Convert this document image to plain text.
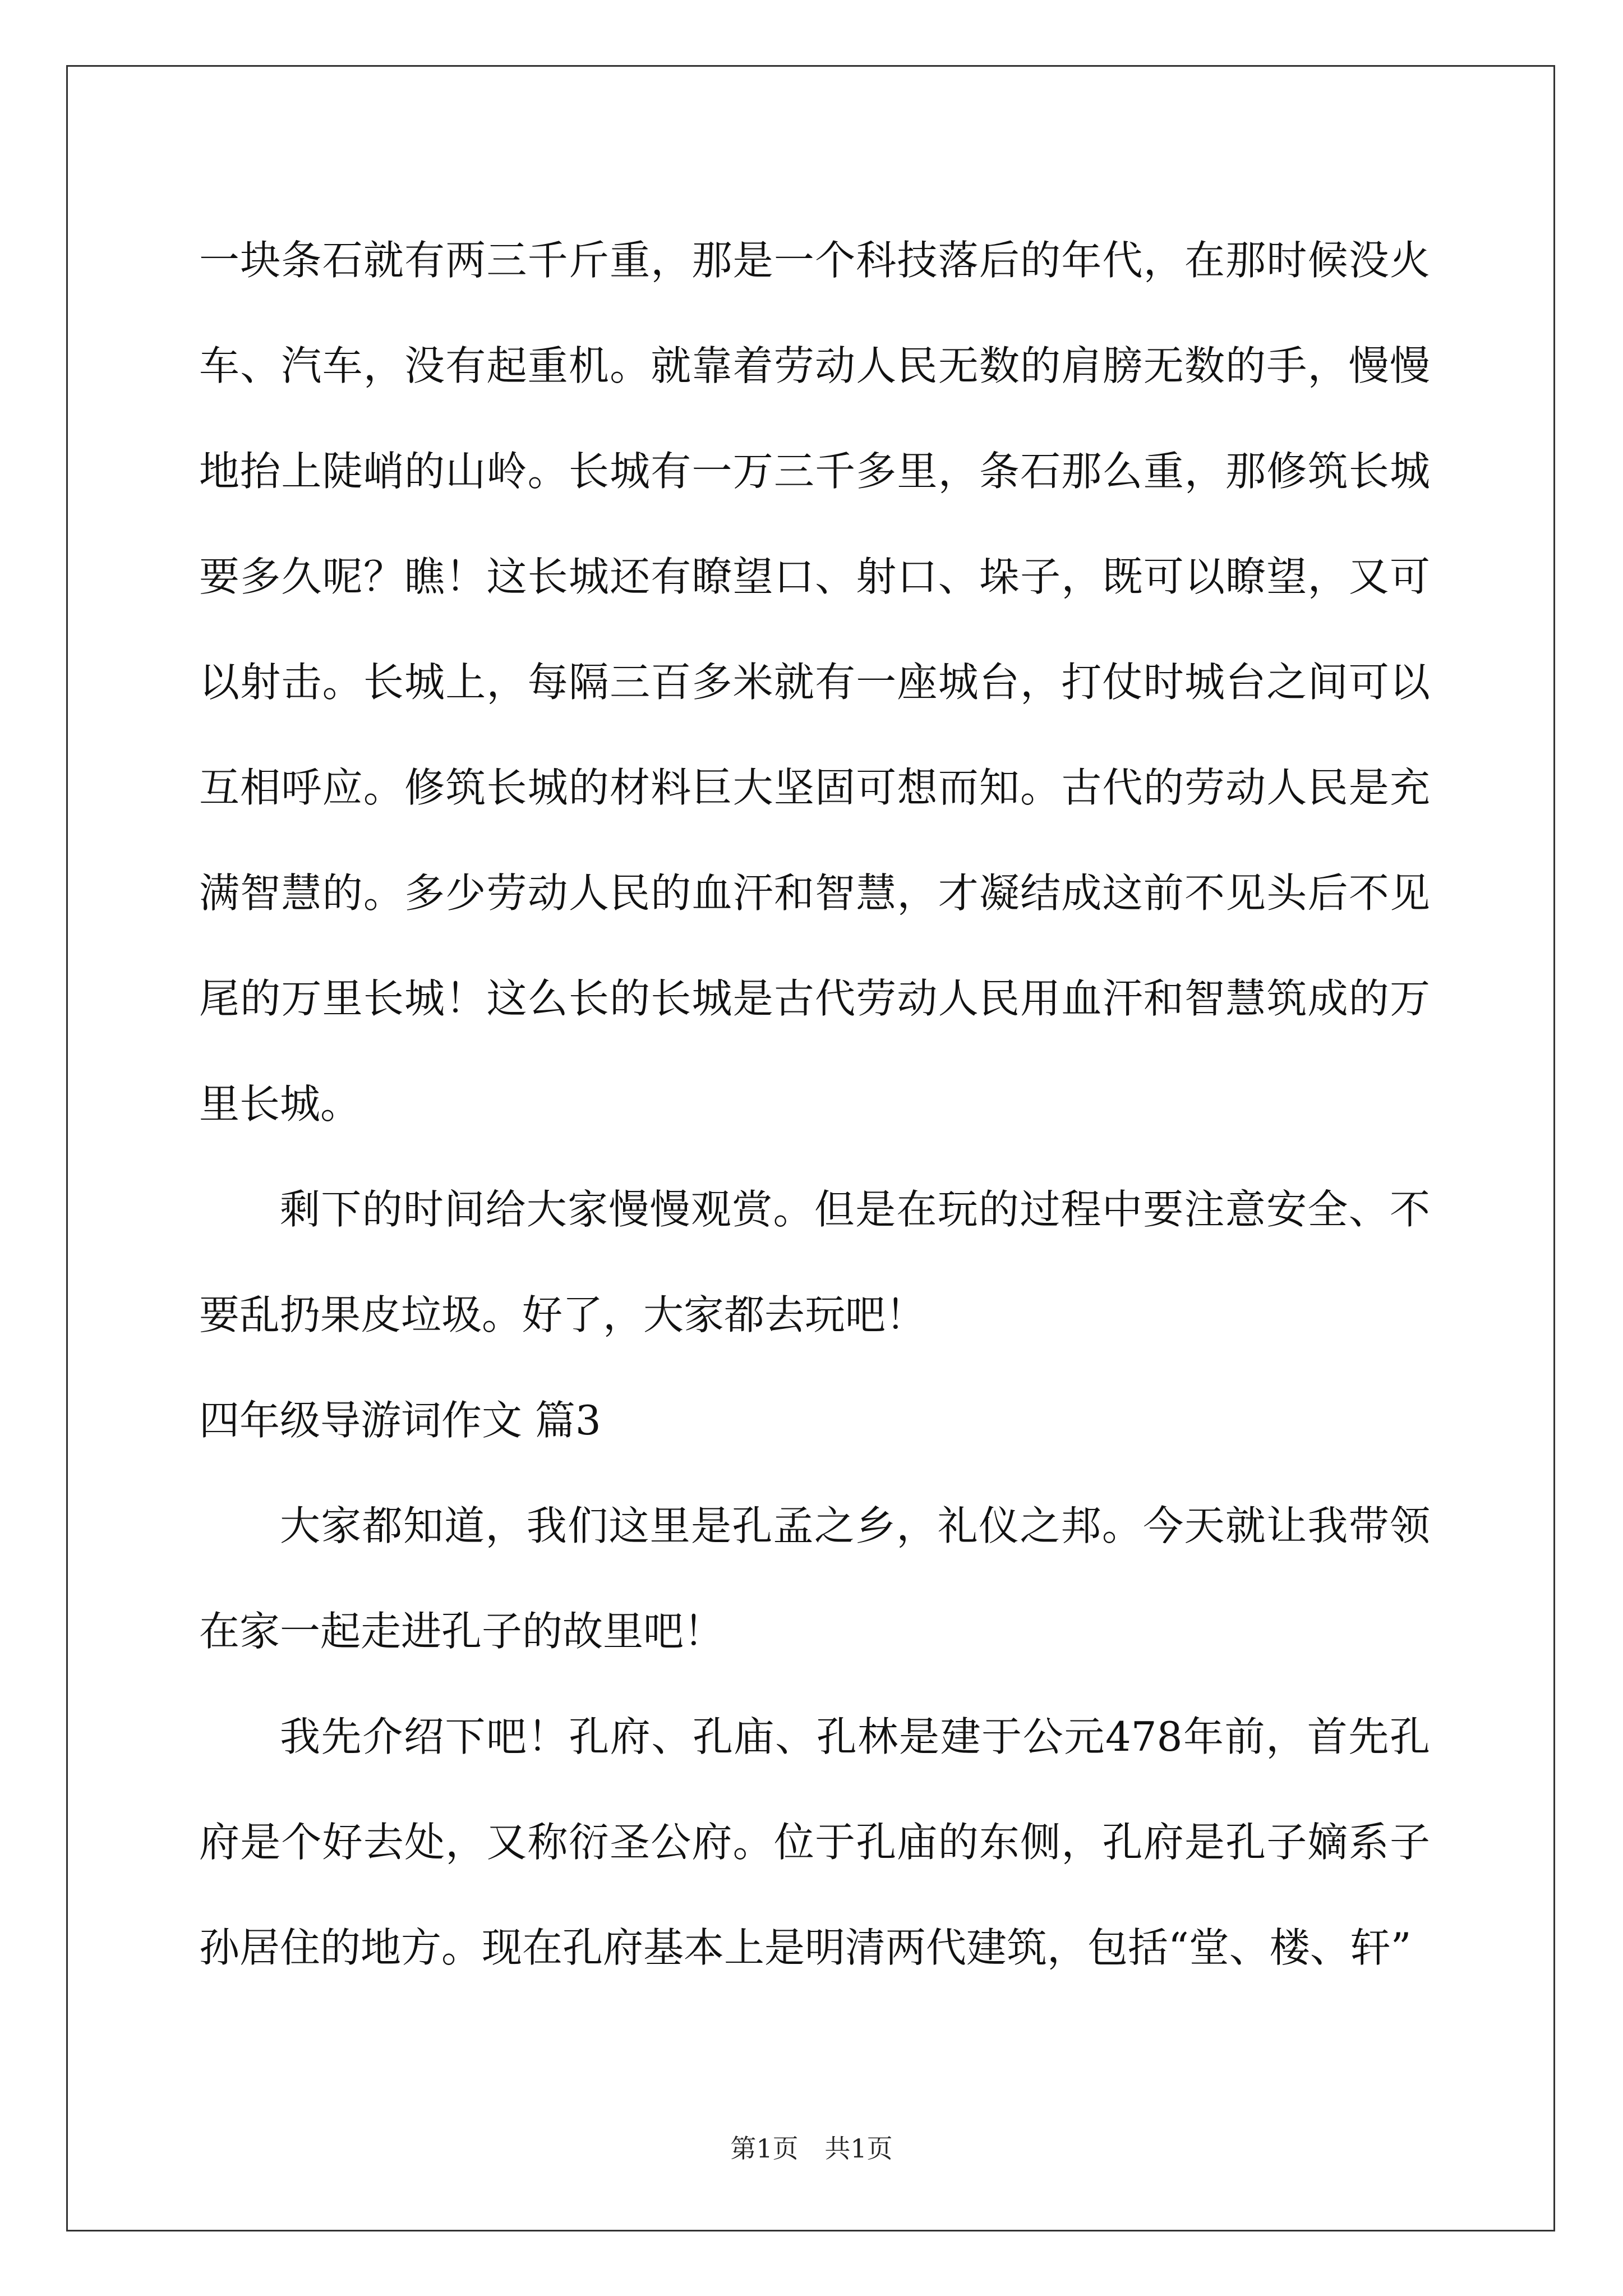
一块条石就有两三千斤重，那是一个科技落后的年代，在那时候没火车、汽车，没有起重机。就靠着劳动人民无数的肩膀无数的手，慢慢地抬上陡峭的山岭。长城有一万三千多里，条石那么重，那修筑长城要多久呢？瞧！这长城还有瞭望口、射口、垛子，既可以瞭望，又可以射击。长城上，每隔三百多米就有一座城台，打仗时城台之间可以互相呼应。修筑长城的材料巨大坚固可想而知。古代的劳动人民是充满智慧的。多少劳动人民的血汗和智慧，才凝结成这前不见头后不见尾的万里长城！这么长的长城是古代劳动人民用血汗和智慧筑成的万里长城。

剩下的时间给大家慢慢观赏。但是在玩的过程中要注意安全、不要乱扔果皮垃圾。好了，大家都去玩吧！

四年级导游词作文 篇3

大家都知道，我们这里是孔孟之乡，礼仪之邦。今天就让我带领在家一起走进孔子的故里吧！

我先介绍下吧！孔府、孔庙、孔林是建于公元478年前，首先孔府是个好去处，又称衍圣公府。位于孔庙的东侧，孔府是孔子嫡系子孙居住的地方。现在孔府基本上是明清两代建筑，包括“堂、楼、轩”

第1页 共1页
